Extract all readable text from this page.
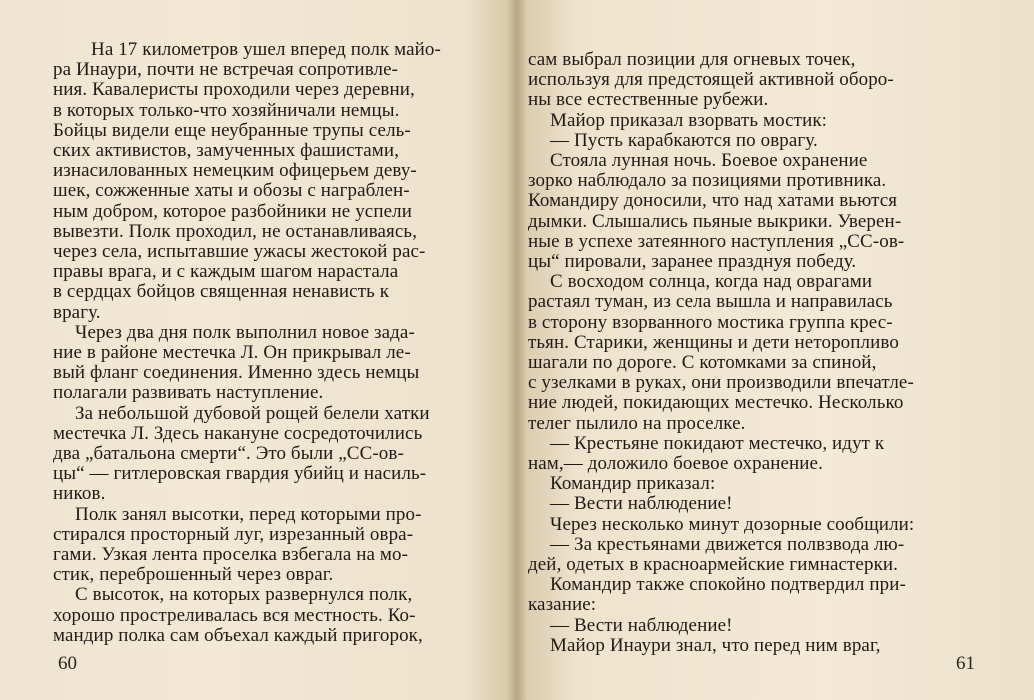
На 17 километров ушел вперед полк майо-

ра Инаури, почти не встречая сопротивле-

ния. Кавалеристы проходили через деревни,

в которых только-что хозяйничали немцы.

Бойцы видели еще неубранные трупы сель-

ских активистов, замученных фашистами,

изнасилованных немецким офицерьем деву-

шек, сожженные хаты и обозы с награблен-

ным добром, которое разбойники не успели

вывезти. Полк проходил, не останавливаясь,

через села, испытавшие ужасы жестокой рас-

правы врага, и с каждым шагом нарастала

в сердцах бойцов священная ненависть к

врагу.

Через два дня полк выполнил новое зада-

ние в районе местечка Л. Он прикрывал ле-

вый фланг соединения. Именно здесь немцы

полагали развивать наступление.

За небольшой дубовой рощей белели хатки

местечка Л. Здесь накануне сосредоточились

два „батальона смерти“. Это были „СС-ов-

цы“ — гитлеровская гвардия убийц и насиль-

ников.

Полк занял высотки, перед которыми про-

стирался просторный луг, изрезанный овра-

гами. Узкая лента проселка взбегала на мо-

стик, переброшенный через овраг.

С высоток, на которых развернулся полк,

хорошо простреливалась вся местность. Ко-

мандир полка сам объехал каждый пригорок,

60

сам выбрал позиции для огневых точек,

используя для предстоящей активной оборо-

ны все естественные рубежи.

Майор приказал взорвать мостик:

— Пусть карабкаются по оврагу.

Стояла лунная ночь. Боевое охранение

зорко наблюдало за позициями противника.

Командиру доносили, что над хатами вьются

дымки. Слышались пьяные выкрики. Уверен-

ные в успехе затеянного наступления „СС-ов-

цы“ пировали, заранее празднуя победу.

С восходом солнца, когда над оврагами

растаял туман, из села вышла и направилась

в сторону взорванного мостика группа крес-

тьян. Старики, женщины и дети неторопливо

шагали по дороге. С котомками за спиной,

с узелками в руках, они производили впечатле-

ние людей, покидающих местечко. Несколько

телег пылило на проселке.

— Крестьяне покидают местечко, идут к

нам,— доложило боевое охранение.

Командир приказал:

— Вести наблюдение!

Через несколько минут дозорные сообщили:

— За крестьянами движется полвзвода лю-

дей, одетых в красноармейские гимнастерки.

Командир также спокойно подтвердил при-

казание:

— Вести наблюдение!

Майор Инаури знал, что перед ним враг,

61
